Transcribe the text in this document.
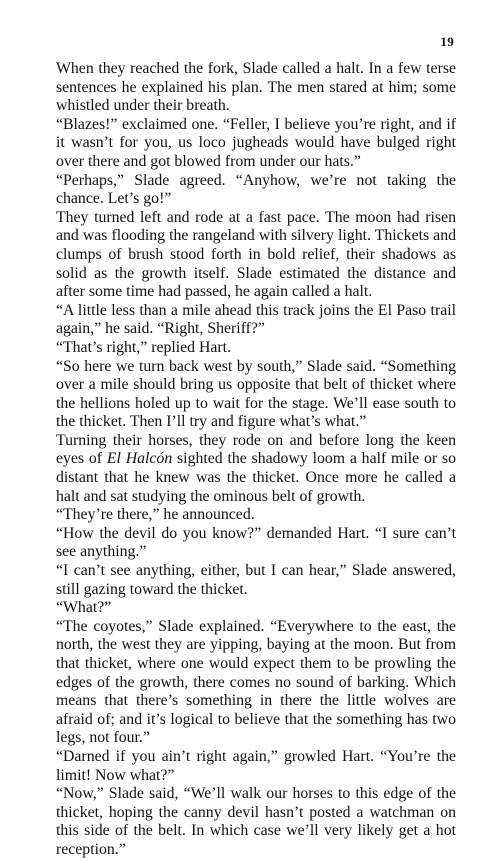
19

When they reached the fork, Slade called a halt. In a few terse sentences he explained his plan. The men stared at him; some whistled under their breath.

“Blazes!” exclaimed one. “Feller, I believe you’re right, and if it wasn’t for you, us loco jugheads would have bulged right over there and got blowed from under our hats.”

“Perhaps,” Slade agreed. “Anyhow, we’re not taking the chance. Let’s go!”

They turned left and rode at a fast pace. The moon had risen and was flooding the rangeland with silvery light. Thickets and clumps of brush stood forth in bold relief, their shadows as solid as the growth itself. Slade estimated the distance and after some time had passed, he again called a halt.

“A little less than a mile ahead this track joins the El Paso trail again,” he said. “Right, Sheriff?”

“That’s right,” replied Hart.

“So here we turn back west by south,” Slade said. “Something over a mile should bring us opposite that belt of thicket where the hellions holed up to wait for the stage. We’ll ease south to the thicket. Then I’ll try and figure what’s what.”

Turning their horses, they rode on and before long the keen eyes of El Halcón sighted the shadowy loom a half mile or so distant that he knew was the thicket. Once more he called a halt and sat studying the ominous belt of growth.

“They’re there,” he announced.

“How the devil do you know?” demanded Hart. “I sure can’t see anything.”

“I can’t see anything, either, but I can hear,” Slade answered, still gazing toward the thicket.

“What?”

“The coyotes,” Slade explained. “Everywhere to the east, the north, the west they are yipping, baying at the moon. But from that thicket, where one would expect them to be prowling the edges of the growth, there comes no sound of barking. Which means that there’s something in there the little wolves are afraid of; and it’s logical to believe that the something has two legs, not four.”

“Darned if you ain’t right again,” growled Hart. “You’re the limit! Now what?”

“Now,” Slade said, “We’ll walk our horses to this edge of the thicket, hoping the canny devil hasn’t posted a watchman on this side of the belt. In which case we’ll very likely get a hot reception.”
